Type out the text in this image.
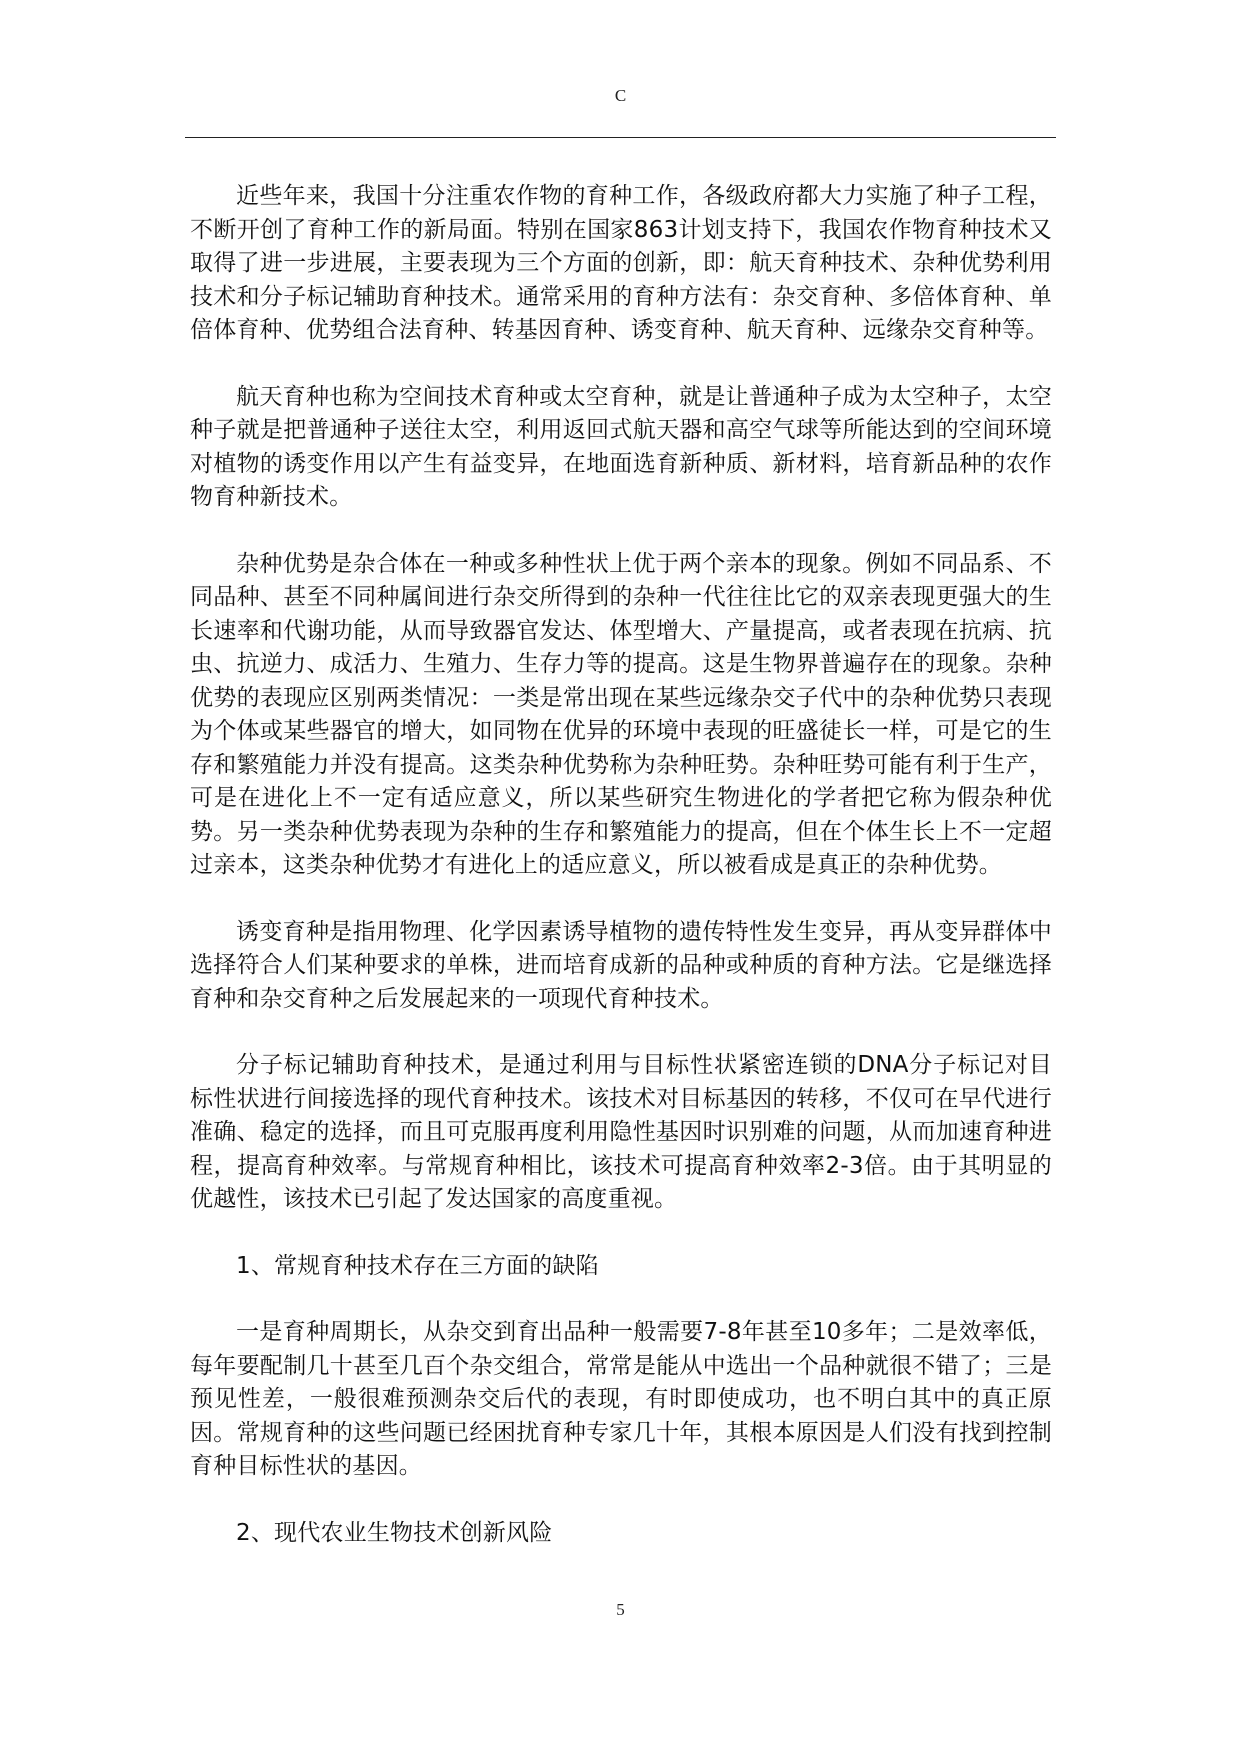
C

近些年来，我国十分注重农作物的育种工作，各级政府都大力实施了种子工程，不断开创了育种工作的新局面。特别在国家863计划支持下，我国农作物育种技术又取得了进一步进展，主要表现为三个方面的创新，即：航天育种技术、杂种优势利用技术和分子标记辅助育种技术。通常采用的育种方法有：杂交育种、多倍体育种、单倍体育种、优势组合法育种、转基因育种、诱变育种、航天育种、远缘杂交育种等。

航天育种也称为空间技术育种或太空育种，就是让普通种子成为太空种子，太空种子就是把普通种子送往太空，利用返回式航天器和高空气球等所能达到的空间环境对植物的诱变作用以产生有益变异，在地面选育新种质、新材料，培育新品种的农作物育种新技术。

杂种优势是杂合体在一种或多种性状上优于两个亲本的现象。例如不同品系、不同品种、甚至不同种属间进行杂交所得到的杂种一代往往比它的双亲表现更强大的生长速率和代谢功能，从而导致器官发达、体型增大、产量提高，或者表现在抗病、抗虫、抗逆力、成活力、生殖力、生存力等的提高。这是生物界普遍存在的现象。杂种优势的表现应区别两类情况：一类是常出现在某些远缘杂交子代中的杂种优势只表现为个体或某些器官的增大，如同物在优异的环境中表现的旺盛徒长一样，可是它的生存和繁殖能力并没有提高。这类杂种优势称为杂种旺势。杂种旺势可能有利于生产，可是在进化上不一定有适应意义，所以某些研究生物进化的学者把它称为假杂种优势。另一类杂种优势表现为杂种的生存和繁殖能力的提高，但在个体生长上不一定超过亲本，这类杂种优势才有进化上的适应意义，所以被看成是真正的杂种优势。

诱变育种是指用物理、化学因素诱导植物的遗传特性发生变异，再从变异群体中选择符合人们某种要求的单株，进而培育成新的品种或种质的育种方法。它是继选择育种和杂交育种之后发展起来的一项现代育种技术。

分子标记辅助育种技术，是通过利用与目标性状紧密连锁的DNA分子标记对目标性状进行间接选择的现代育种技术。该技术对目标基因的转移，不仅可在早代进行准确、稳定的选择，而且可克服再度利用隐性基因时识别难的问题，从而加速育种进程，提高育种效率。与常规育种相比，该技术可提高育种效率2-3倍。由于其明显的优越性，该技术已引起了发达国家的高度重视。

1、常规育种技术存在三方面的缺陷

一是育种周期长，从杂交到育出品种一般需要7-8年甚至10多年；二是效率低，每年要配制几十甚至几百个杂交组合，常常是能从中选出一个品种就很不错了；三是预见性差，一般很难预测杂交后代的表现，有时即使成功，也不明白其中的真正原因。常规育种的这些问题已经困扰育种专家几十年，其根本原因是人们没有找到控制育种目标性状的基因。

2、现代农业生物技术创新风险

5
